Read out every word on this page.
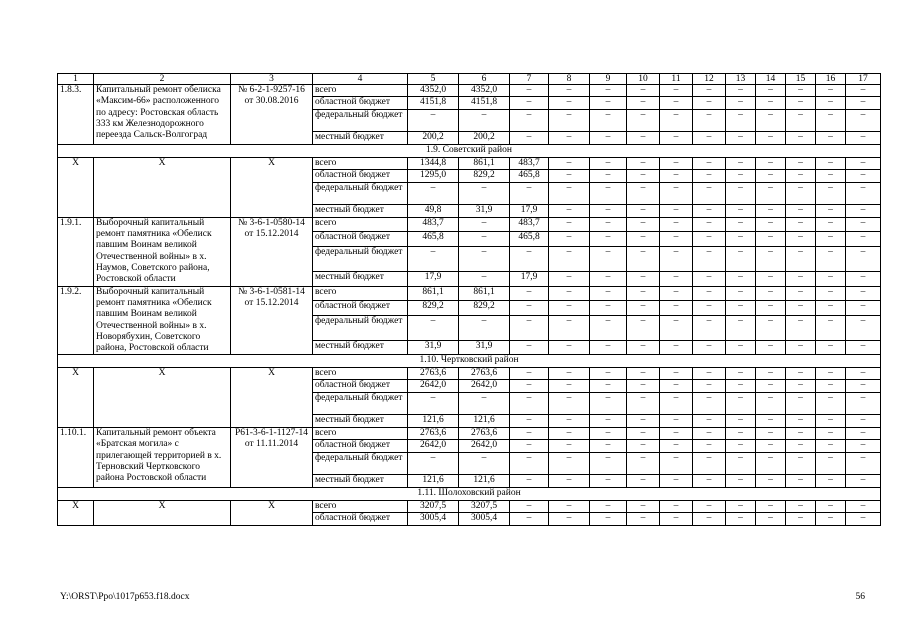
1	2	3	4	5	6	7	8	9	10	11	12	13	14	15	16	17
1.8.3.	Капитальный ремонт обелиска «Максим-66» расположенного по адресу: Ростовская область 333 км Железнодорожного переезда Сальск-Волгоград	№ 6-2-1-9257-16 от 30.08.2016	всего	4352,0	4352,0	–	–	–	–	–	–	–	–	–	–	–
			областной бюджет	4151,8	4151,8	–	–	–	–	–	–	–	–	–	–	–
			федеральный бюджет	–	–	–	–	–	–	–	–	–	–	–	–	–
			местный бюджет	200,2	200,2	–	–	–	–	–	–	–	–	–	–	–
1.9. Советский район																
Х	Х	Х	всего	1344,8	861,1	483,7	–	–	–	–	–	–	–	–	–	–
			областной бюджет	1295,0	829,2	465,8	–	–	–	–	–	–	–	–	–	–
			федеральный бюджет	–	–	–	–	–	–	–	–	–	–	–	–	–
			местный бюджет	49,8	31,9	17,9	–	–	–	–	–	–	–	–	–	–
1.9.1.	Выборочный капитальный ремонт памятника «Обелиск павшим Воинам великой Отечественной войны» в х. Наумов, Советского района, Ростовской области	№ 3-6-1-0580-14 от 15.12.2014	всего	483,7	–	483,7	–	–	–	–	–	–	–	–	–	–
			областной бюджет	465,8	–	465,8	–	–	–	–	–	–	–	–	–	–
			федеральный бюджет	–	–	–	–	–	–	–	–	–	–	–	–	–
			местный бюджет	17,9	–	17,9	–	–	–	–	–	–	–	–	–	–
1.9.2.	Выборочный капитальный ремонт памятника «Обелиск павшим Воинам великой Отечественной войны» в х. Новорябухин, Советского района, Ростовской области	№ 3-6-1-0581-14 от 15.12.2014	всего	861,1	861,1	–	–	–	–	–	–	–	–	–	–	–
			областной бюджет	829,2	829,2	–	–	–	–	–	–	–	–	–	–	–
			федеральный бюджет	–	–	–	–	–	–	–	–	–	–	–	–	–
			местный бюджет	31,9	31,9	–	–	–	–	–	–	–	–	–	–	–
1.10. Чертковский район																
Х	Х	Х	всего	2763,6	2763,6	–	–	–	–	–	–	–	–	–	–	–
			областной бюджет	2642,0	2642,0	–	–	–	–	–	–	–	–	–	–	–
			федеральный бюджет	–	–	–	–	–	–	–	–	–	–	–	–	–
			местный бюджет	121,6	121,6	–	–	–	–	–	–	–	–	–	–	–
1.10.1.	Капитальный ремонт объекта «Братская могила» с прилегающей территорией в х. Терновский Чертковского района Ростовской области	Р61-3-6-1-1127-14 от 11.11.2014	всего	2763,6	2763,6	–	–	–	–	–	–	–	–	–	–	–
			областной бюджет	2642,0	2642,0	–	–	–	–	–	–	–	–	–	–	–
			федеральный бюджет	–	–	–	–	–	–	–	–	–	–	–	–	–
			местный бюджет	121,6	121,6	–	–	–	–	–	–	–	–	–	–	–
1.11. Шолоховский район																
Х	Х	Х	всего	3207,5	3207,5	–	–	–	–	–	–	–	–	–	–	–
			областной бюджет	3005,4	3005,4	–	–	–	–	–	–	–	–	–	–	–
Y:\ORST\Ppo\1017p653.f18.docx	56
